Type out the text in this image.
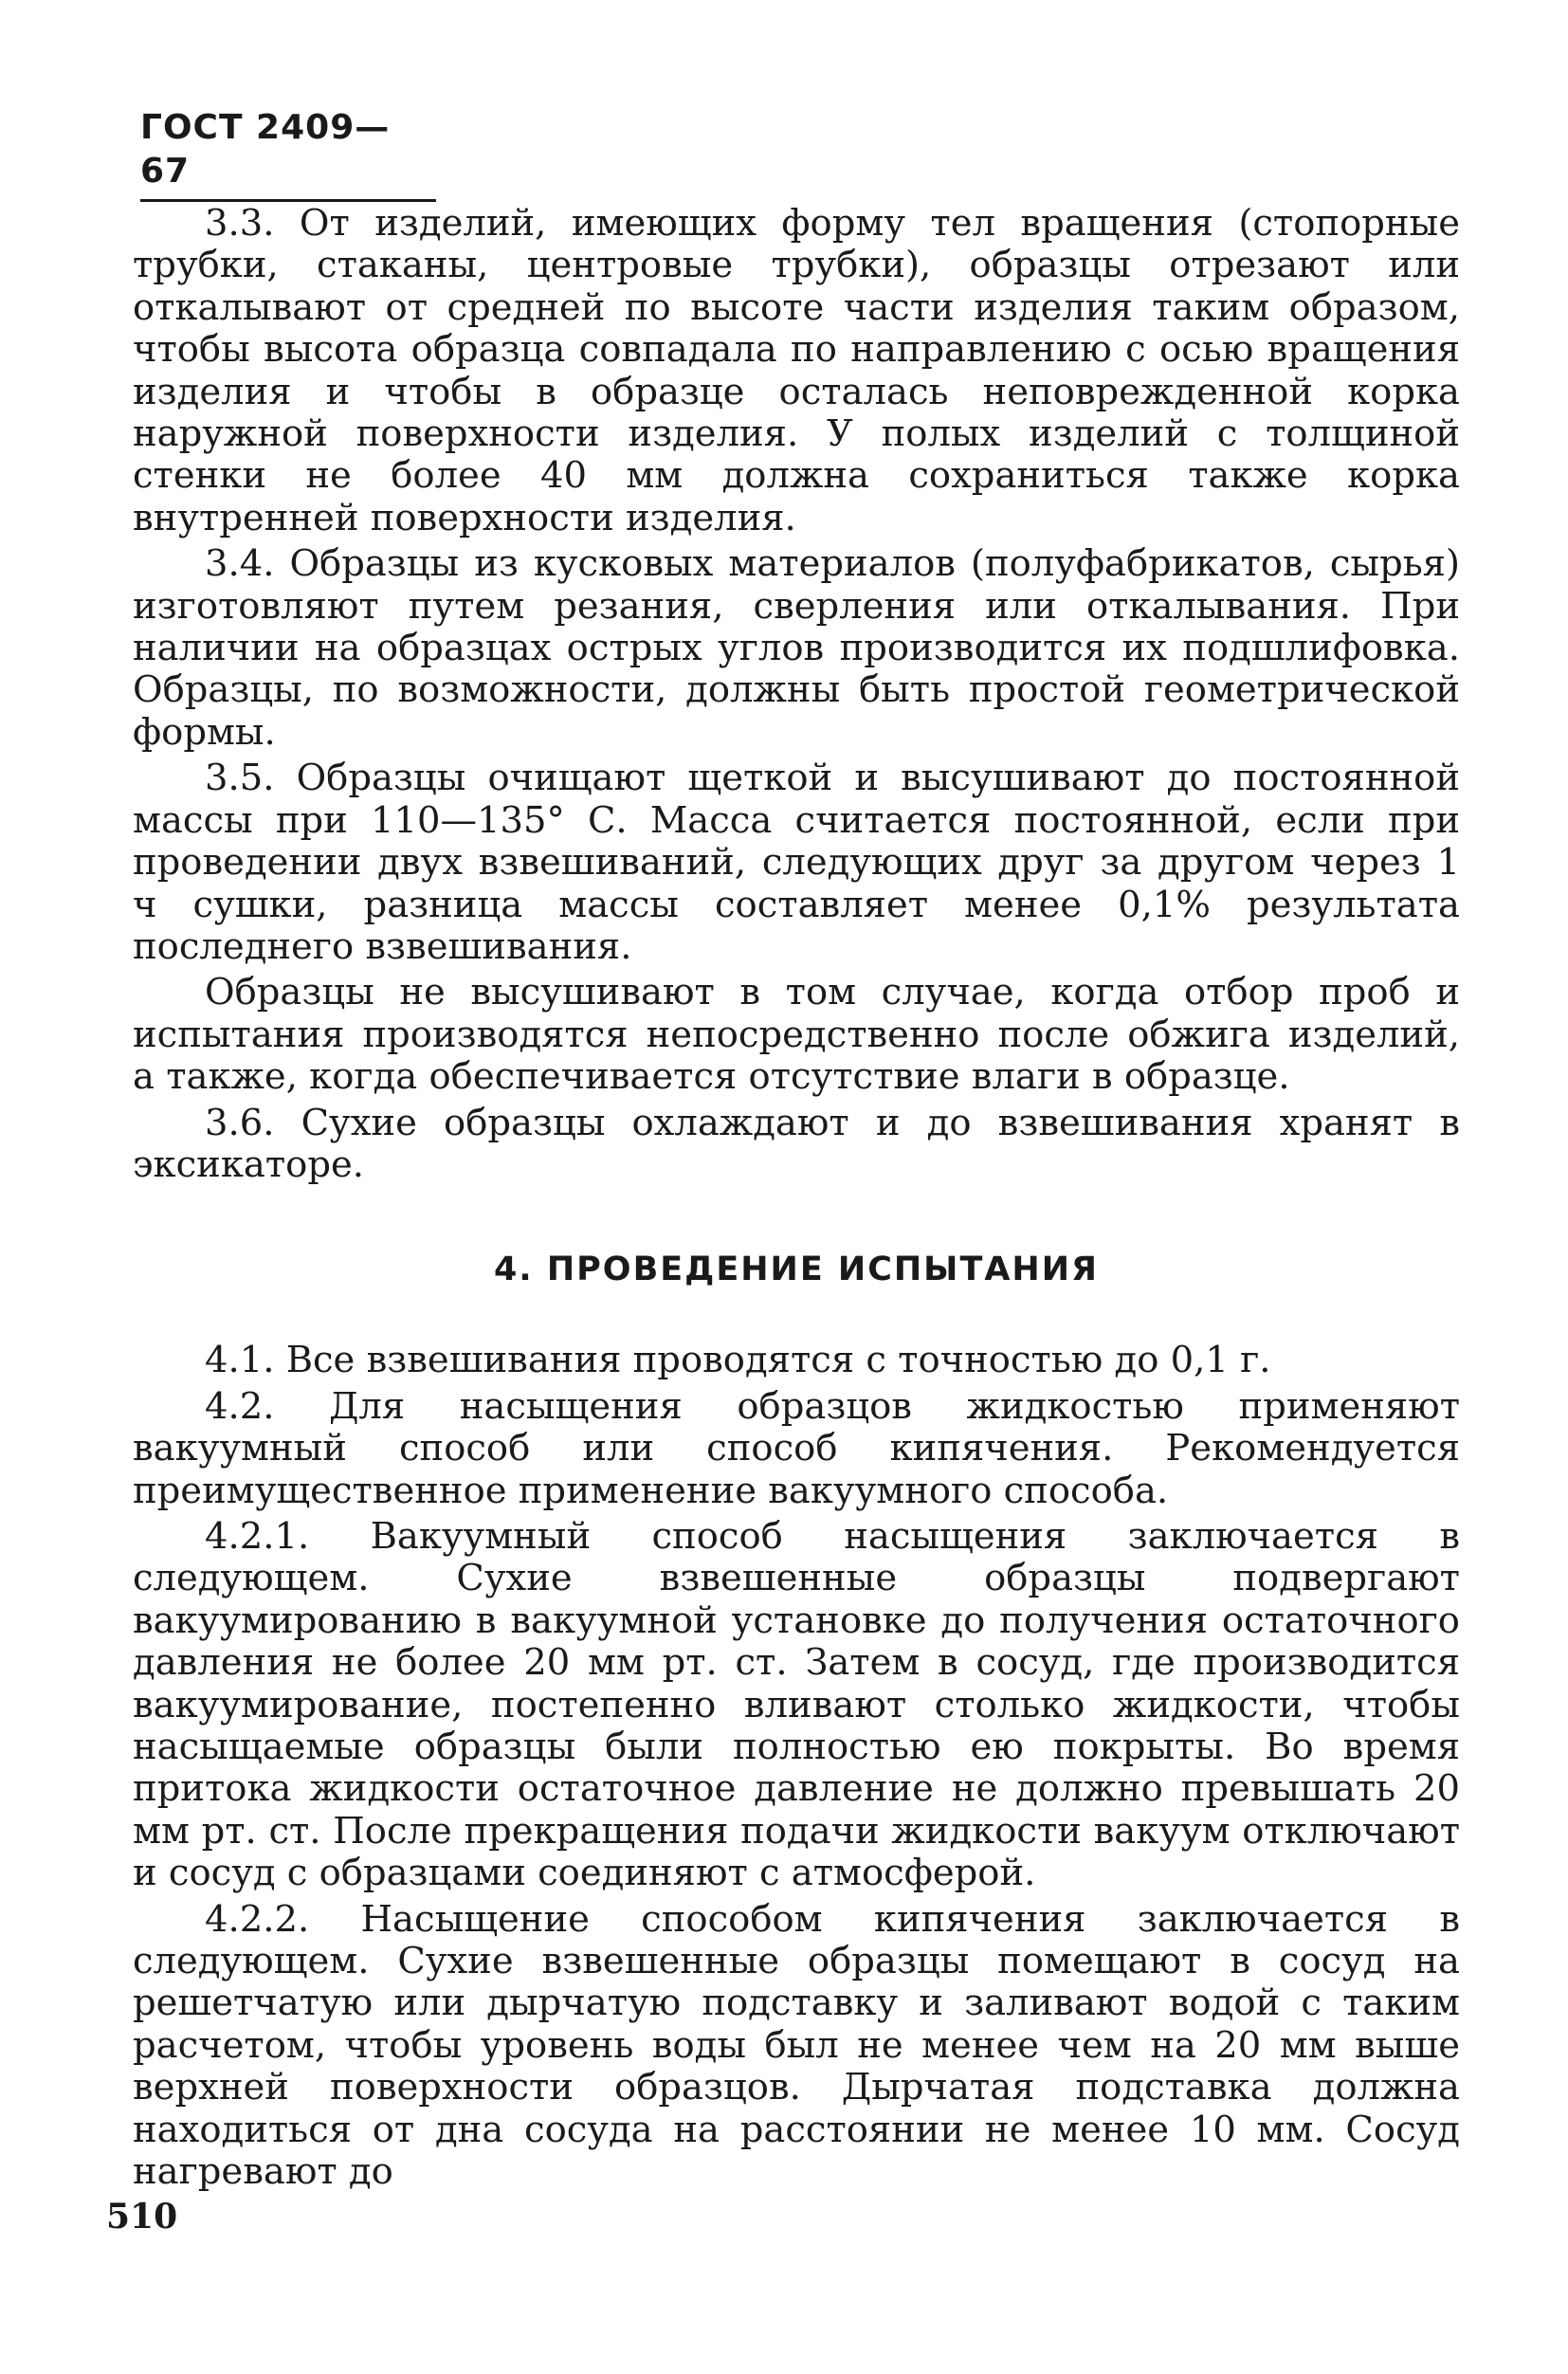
ГОСТ 2409—67

3.3. От изделий, имеющих форму тел вращения (стопорные трубки, стаканы, центровые трубки), образцы отрезают или откалывают от средней по высоте части изделия таким образом, чтобы высота образца совпадала по направлению с осью вращения изделия и чтобы в образце осталась неповрежденной корка наружной поверхности изделия. У полых изделий с толщиной стенки не более 40 мм должна сохраниться также корка внутренней поверхности изделия.

3.4. Образцы из кусковых материалов (полуфабрикатов, сырья) изготовляют путем резания, сверления или откалывания. При наличии на образцах острых углов производится их подшлифовка. Образцы, по возможности, должны быть простой геометрической формы.

3.5. Образцы очищают щеткой и высушивают до постоянной массы при 110—135° С. Масса считается постоянной, если при проведении двух взвешиваний, следующих друг за другом через 1 ч сушки, разница массы составляет менее 0,1% результата последнего взвешивания.

Образцы не высушивают в том случае, когда отбор проб и испытания производятся непосредственно после обжига изделий, а также, когда обеспечивается отсутствие влаги в образце.

3.6. Сухие образцы охлаждают и до взвешивания хранят в эксикаторе.

4. ПРОВЕДЕНИЕ ИСПЫТАНИЯ

4.1. Все взвешивания проводятся с точностью до 0,1 г.

4.2. Для насыщения образцов жидкостью применяют вакуумный способ или способ кипячения. Рекомендуется преимущественное применение вакуумного способа.

4.2.1. Вакуумный способ насыщения заключается в следующем. Сухие взвешенные образцы подвергают вакуумированию в вакуумной установке до получения остаточного давления не более 20 мм рт. ст. Затем в сосуд, где производится вакуумирование, постепенно вливают столько жидкости, чтобы насыщаемые образцы были полностью ею покрыты. Во время притока жидкости остаточное давление не должно превышать 20 мм рт. ст. После прекращения подачи жидкости вакуум отключают и сосуд с образцами соединяют с атмосферой.

4.2.2. Насыщение способом кипячения заключается в следующем. Сухие взвешенные образцы помещают в сосуд на решетчатую или дырчатую подставку и заливают водой с таким расчетом, чтобы уровень воды был не менее чем на 20 мм выше верхней поверхности образцов. Дырчатая подставка должна находиться от дна сосуда на расстоянии не менее 10 мм. Сосуд нагревают до

510
